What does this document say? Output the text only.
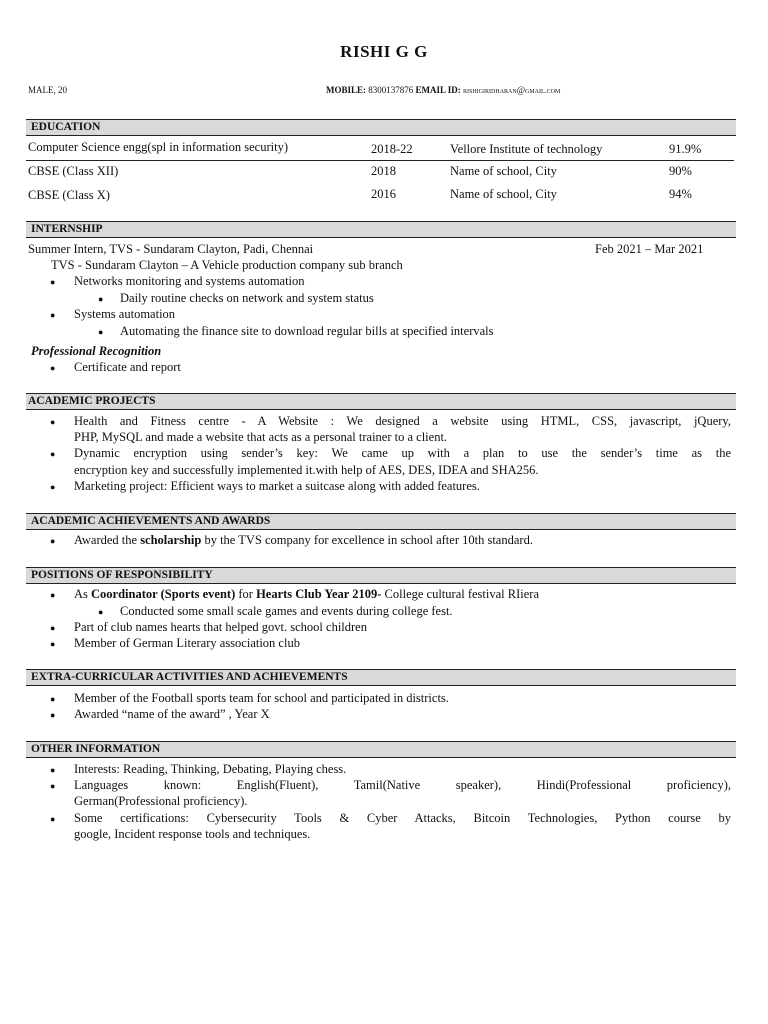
RISHI G G
MALE, 20	MOBILE: 8300137876 EMAIL ID: rishigiridharan@gmail.com
EDUCATION
Computer Science engg(spl in information security)	2018-22	Vellore Institute of technology	91.9%
CBSE (Class XII)	2018	Name of school, City	90%
CBSE (Class X)	2016	Name of school, City	94%
INTERNSHIP
Summer Intern, TVS - Sundaram Clayton, Padi, Chennai	Feb 2021 – Mar 2021
TVS - Sundaram Clayton – A Vehicle production company sub branch
● Networks monitoring and systems automation
● Daily routine checks on network and system status
● Systems automation
● Automating the finance site to download regular bills at specified intervals
Professional Recognition
● Certificate and report
ACADEMIC PROJECTS
● Health and Fitness centre - A Website : We designed a website using HTML, CSS, javascript, jQuery,
PHP, MySQL and made a website that acts as a personal trainer to a client.
● Dynamic encryption using sender’s key: We came up with a plan to use the sender’s time as the
encryption key and successfully implemented it.with help of AES, DES, IDEA and SHA256.
● Marketing project: Efficient ways to market a suitcase along with added features.
ACADEMIC ACHIEVEMENTS AND AWARDS
● Awarded the scholarship by the TVS company for excellence in school after 10th standard.
POSITIONS OF RESPONSIBILITY
● As Coordinator (Sports event) for Hearts Club Year 2109- College cultural festival RIiera
● Conducted some small scale games and events during college fest.
● Part of club names hearts that helped govt. school children
● Member of German Literary association club
EXTRA-CURRICULAR ACTIVITIES AND ACHIEVEMENTS
● Member of the Football sports team for school and participated in districts.
● Awarded “name of the award” , Year X
OTHER INFORMATION
● Interests: Reading, Thinking, Debating, Playing chess.
● Languages known: English(Fluent), Tamil(Native speaker), Hindi(Professional proficiency),
German(Professional proficiency).
● Some certifications: Cybersecurity Tools & Cyber Attacks, Bitcoin Technologies, Python course by
google, Incident response tools and techniques.
